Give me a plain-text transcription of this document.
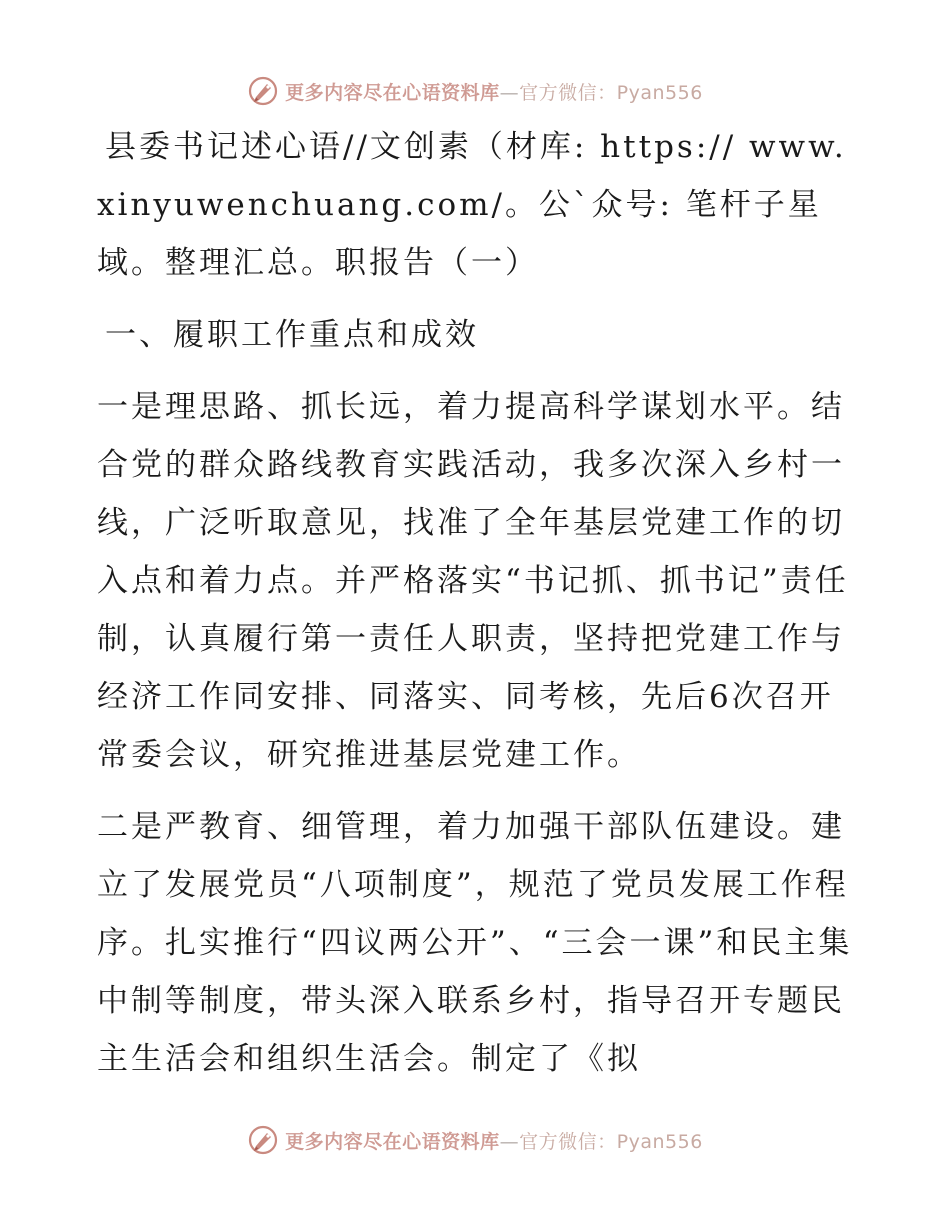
更多内容尽在心语资料库—官方微信：Pyan556

县委书记述心语//文创素（材库: https:// www.xinyuwenchuang.com/。公`众号: 笔杆子星域。整理汇总。职报告（一）

一、履职工作重点和成效

一是理思路、抓长远，着力提高科学谋划水平。结合党的群众路线教育实践活动，我多次深入乡村一线，广泛听取意见，找准了全年基层党建工作的切入点和着力点。并严格落实“书记抓、抓书记”责任制，认真履行第一责任人职责，坚持把党建工作与经济工作同安排、同落实、同考核，先后6次召开常委会议，研究推进基层党建工作。

二是严教育、细管理，着力加强干部队伍建设。建立了发展党员“八项制度”，规范了党员发展工作程序。扎实推行“四议两公开”、“三会一课”和民主集中制等制度，带头深入联系乡村，指导召开专题民主生活会和组织生活会。制定了《拟

更多内容尽在心语资料库—官方微信：Pyan556
